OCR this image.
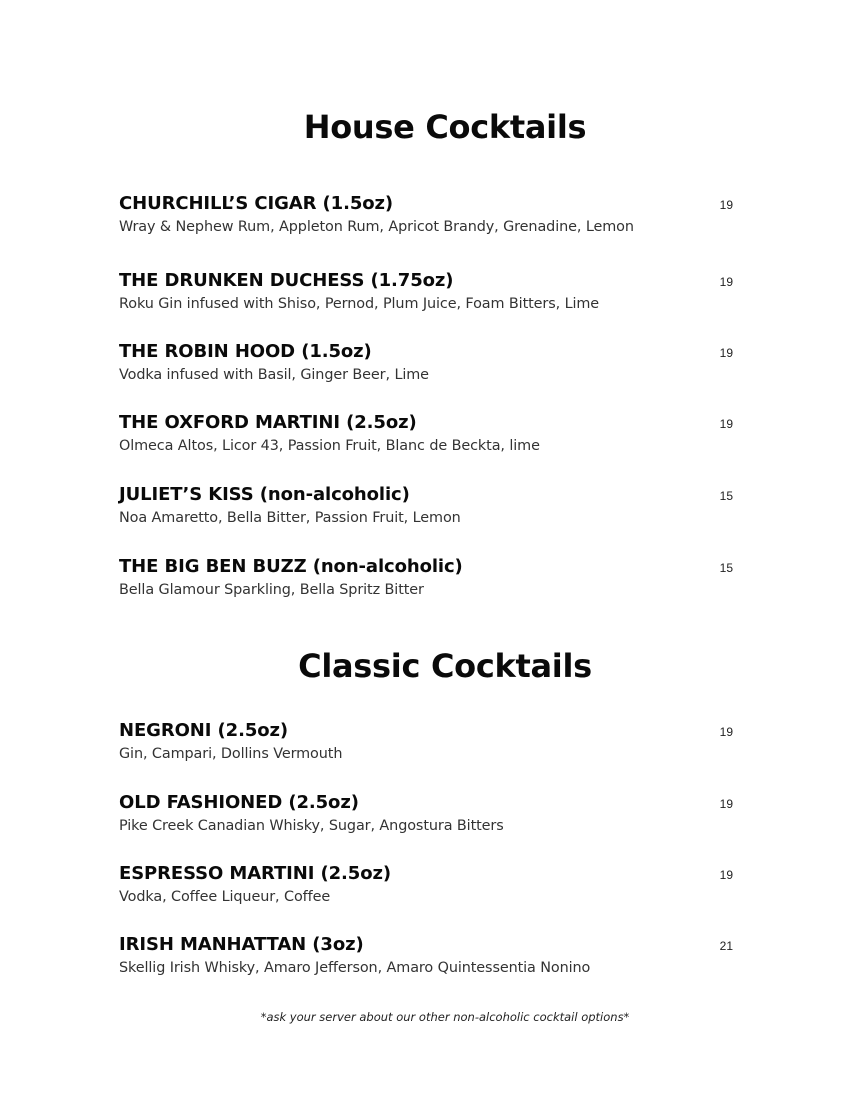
House Cocktails
CHURCHILL’S CIGAR (1.5oz)	19
Wray & Nephew Rum, Appleton Rum, Apricot Brandy, Grenadine, Lemon
THE DRUNKEN DUCHESS (1.75oz)	19
Roku Gin infused with Shiso, Pernod, Plum Juice, Foam Bitters, Lime
THE ROBIN HOOD (1.5oz)	19
Vodka infused with Basil, Ginger Beer, Lime
THE OXFORD MARTINI (2.5oz)	19
Olmeca Altos, Licor 43, Passion Fruit, Blanc de Beckta, lime
JULIET’S KISS (non-alcoholic)	15
Noa Amaretto, Bella Bitter, Passion Fruit, Lemon
THE BIG BEN BUZZ (non-alcoholic)	15
Bella Glamour Sparkling, Bella Spritz Bitter
Classic Cocktails
NEGRONI (2.5oz)	19
Gin, Campari, Dollins Vermouth
OLD FASHIONED (2.5oz)	19
Pike Creek Canadian Whisky, Sugar, Angostura Bitters
ESPRESSO MARTINI (2.5oz)	19
Vodka, Coffee Liqueur, Coffee
IRISH MANHATTAN (3oz)	21
Skellig Irish Whisky, Amaro Jefferson, Amaro Quintessentia Nonino
*ask your server about our other non-alcoholic cocktail options*
